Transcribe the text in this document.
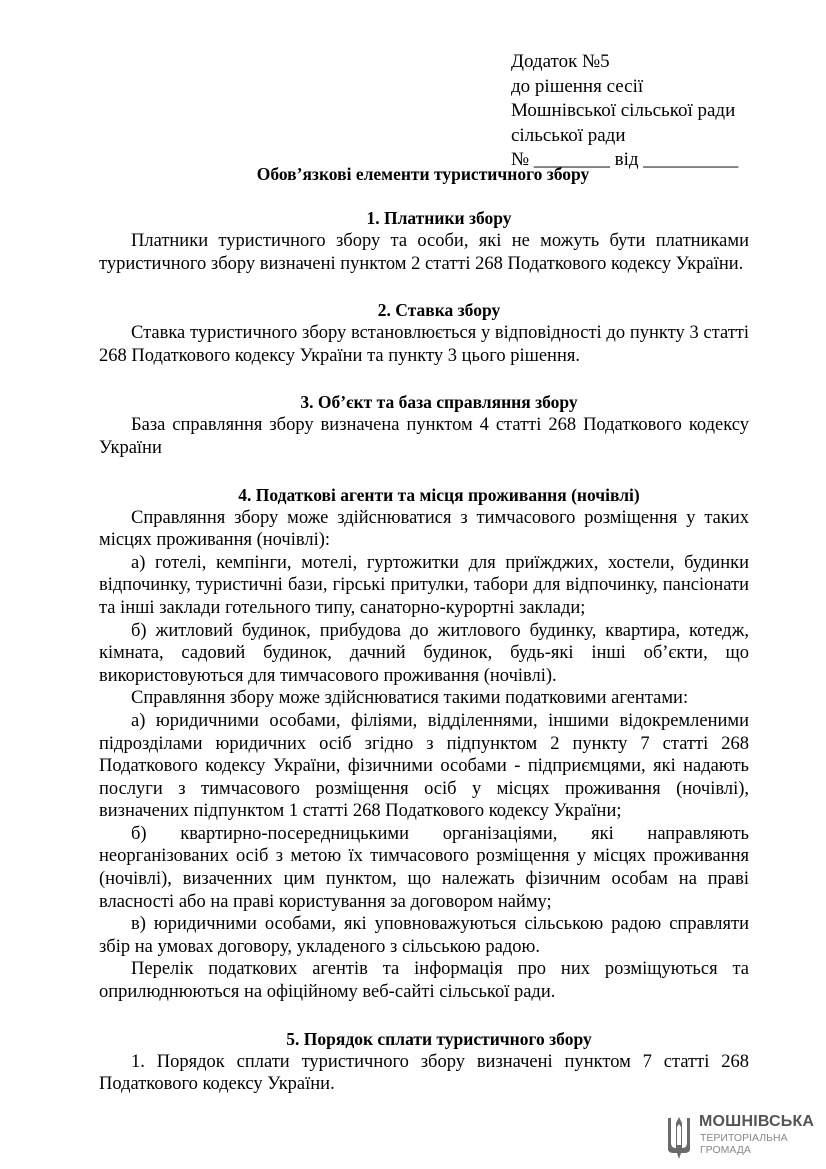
Додаток №5
до рішення сесії
Мошнівської сільської ради
сільської ради
№ ________ від __________
Обов’язкові елементи туристичного збору
1. Платники збору

Платники туристичного збору та особи, які не можуть бути платниками туристичного збору визначені пунктом 2 статті 268 Податкового кодексу України.

2. Ставка збору

Ставка туристичного збору встановлюється у відповідності до пункту 3 статті 268 Податкового кодексу України та пункту 3 цього рішення.

3. Об’єкт та база справляння збору

База справляння збору визначена пунктом 4 статті 268 Податкового кодексу України

4. Податкові агенти та місця проживання (ночівлі)

Справляння збору може здійснюватися з тимчасового розміщення у таких місцях проживання (ночівлі):

а) готелі, кемпінги, мотелі, гуртожитки для приїжджих, хостели, будинки відпочинку, туристичні бази, гірські притулки, табори для відпочинку, пансіонати та інші заклади готельного типу, санаторно-курортні заклади;

б) житловий будинок, прибудова до житлового будинку, квартира, котедж, кімната, садовий будинок, дачний будинок, будь-які інші об’єкти, що використовуються для тимчасового проживання (ночівлі).

Справляння збору може здійснюватися такими податковими агентами:

а) юридичними особами, філіями, відділеннями, іншими відокремленими підрозділами юридичних осіб згідно з підпунктом 2 пункту 7 статті 268 Податкового кодексу України, фізичними особами - підприємцями, які надають послуги з тимчасового розміщення осіб у місцях проживання (ночівлі), визначених підпунктом 1 статті 268 Податкового кодексу України;

б) квартирно-посередницькими організаціями, які направляють неорганізованих осіб з метою їх тимчасового розміщення у місцях проживання (ночівлі), визаченних цим пунктом, що належать фізичним особам на праві власності або на праві користування за договором найму;

в) юридичними особами, які уповноважуються сільською радою справляти збір на умовах договору, укладеного з сільською радою.

Перелік податкових агентів та інформація про них розміщуються та оприлюднюються на офіційному веб-сайті сільської ради.

5. Порядок сплати туристичного збору

1. Порядок сплати туристичного збору визначені пунктом 7 статті 268 Податкового кодексу України.

МОШНІВСЬКА
ТЕРИТОРІАЛЬНА
ГРОМАДА
